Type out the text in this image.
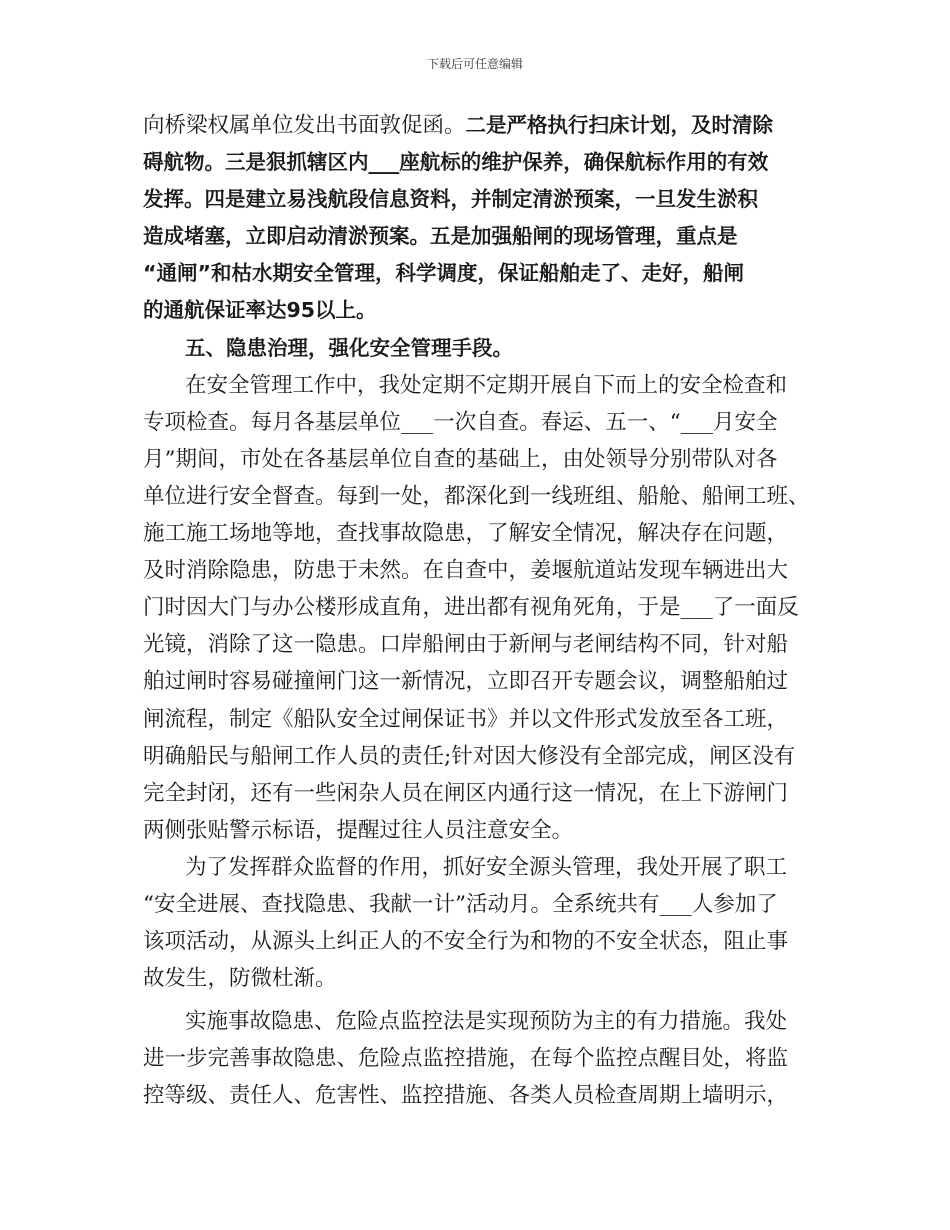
下载后可任意编辑
向桥梁权属单位发出书面敦促函。二是严格执行扫床计划，及时清除
碍航物。三是狠抓辖区内___座航标的维护保养，确保航标作用的有效
发挥。四是建立易浅航段信息资料，并制定清淤预案，一旦发生淤积
造成堵塞，立即启动清淤预案。五是加强船闸的现场管理，重点是
“通闸”和枯水期安全管理，科学调度，保证船舶走了、走好，船闸
的通航保证率达95以上。
五、隐患治理，强化安全管理手段。
在安全管理工作中，我处定期不定期开展自下而上的安全检查和
专项检查。每月各基层单位___一次自查。春运、五一、“___月安全
月”期间，市处在各基层单位自查的基础上，由处领导分别带队对各
单位进行安全督查。每到一处，都深化到一线班组、船舱、船闸工班、
施工施工场地等地，查找事故隐患，了解安全情况，解决存在问题，
及时消除隐患，防患于未然。在自查中，姜堰航道站发现车辆进出大
门时因大门与办公楼形成直角，进出都有视角死角，于是___了一面反
光镜，消除了这一隐患。口岸船闸由于新闸与老闸结构不同，针对船
舶过闸时容易碰撞闸门这一新情况，立即召开专题会议，调整船舶过
闸流程，制定《船队安全过闸保证书》并以文件形式发放至各工班，
明确船民与船闸工作人员的责任;针对因大修没有全部完成，闸区没有
完全封闭，还有一些闲杂人员在闸区内通行这一情况，在上下游闸门
两侧张贴警示标语，提醒过往人员注意安全。
为了发挥群众监督的作用，抓好安全源头管理，我处开展了职工
“安全进展、查找隐患、我献一计”活动月。全系统共有___人参加了
该项活动，从源头上纠正人的不安全行为和物的不安全状态，阻止事
故发生，防微杜渐。
实施事故隐患、危险点监控法是实现预防为主的有力措施。我处
进一步完善事故隐患、危险点监控措施，在每个监控点醒目处，将监
控等级、责任人、危害性、监控措施、各类人员检查周期上墙明示，
